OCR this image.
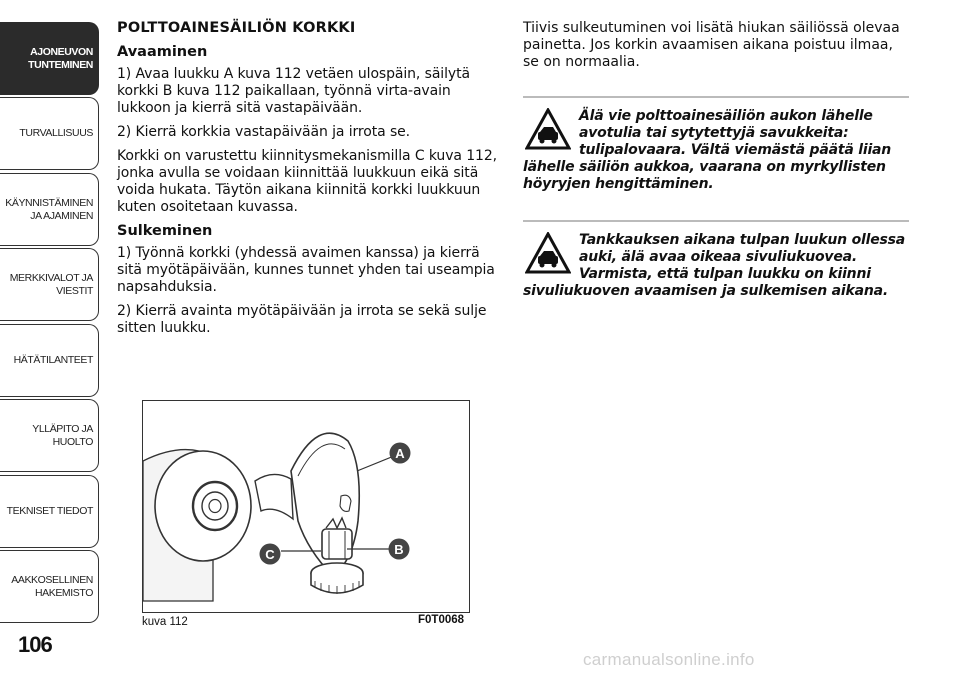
AJONEUVON
TUNTEMINEN
TURVALLISUUS
KÄYNNISTÄMINEN
JA AJAMINEN
MERKKIVALOT JA
VIESTIT
HÄTÄTILANTEET
YLLÄPITO JA HUOLTO
TEKNISET TIEDOT
AAKKOSELLINEN
HAKEMISTO
106
POLTTOAINESÄILIÖN KORKKI
Avaaminen

1) Avaa luukku A kuva 112 vetäen ulospäin, säilytä korkki B kuva 112 paikallaan, työnnä virta-avain lukkoon ja kierrä sitä vastapäivään.

2) Kierrä korkkia vastapäivään ja irrota se.

Korkki on varustettu kiinnitysmekanismilla C kuva 112, jonka avulla se voidaan kiinnittää luukkuun eikä sitä voida hukata. Täytön aikana kiinnitä korkki luukkuun kuten osoitetaan kuvassa.

Sulkeminen

1) Työnnä korkki (yhdessä avaimen kanssa) ja kierrä sitä myötäpäivään, kunnes tunnet yhden tai useampia napsahduksia.

2) Kierrä avainta myötäpäivään ja irrota se sekä sulje sitten luukku.

Tiivis sulkeutuminen voi lisätä hiukan säiliössä olevaa painetta. Jos korkin avaamisen aikana poistuu ilmaa, se on normaalia.

Älä vie polttoainesäiliön aukon lähelle avotulia tai sytytettyjä savukkeita: tulipalovaara. Vältä viemästä päätä liian lähelle säiliön aukkoa, vaarana on myrkyllisten höyryjen hengittäminen.
Tankkauksen aikana tulpan luukun ollessa auki, älä avaa oikeaa sivuliukuovea. Varmista, että tulpan luukku on kiinni sivuliukuoven avaamisen ja sulkemisen aikana.
A
B
C
kuva 112	F0T0068
carmanualsonline.info
